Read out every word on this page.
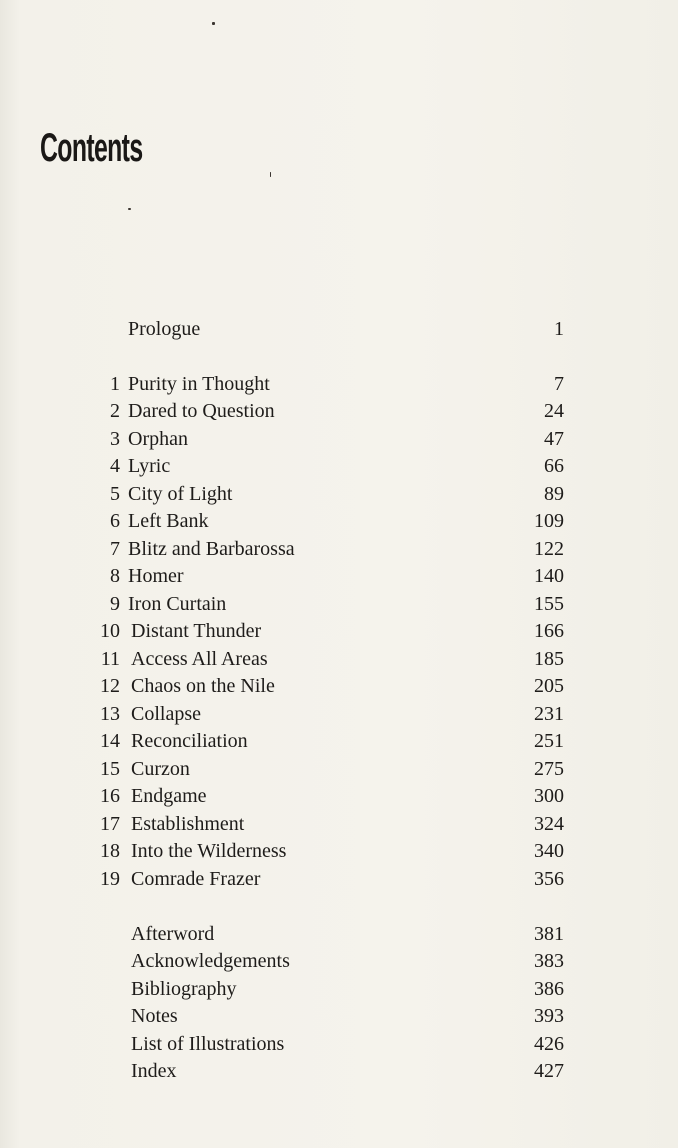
Contents
Prologue	1
1 Purity in Thought	7
2 Dared to Question	24
3 Orphan	47
4 Lyric	66
5 City of Light	89
6 Left Bank	109
7 Blitz and Barbarossa	122
8 Homer	140
9 Iron Curtain	155
10 Distant Thunder	166
11 Access All Areas	185
12 Chaos on the Nile	205
13 Collapse	231
14 Reconciliation	251
15 Curzon	275
16 Endgame	300
17 Establishment	324
18 Into the Wilderness	340
19 Comrade Frazer	356
Afterword	381
Acknowledgements	383
Bibliography	386
Notes	393
List of Illustrations	426
Index	427
